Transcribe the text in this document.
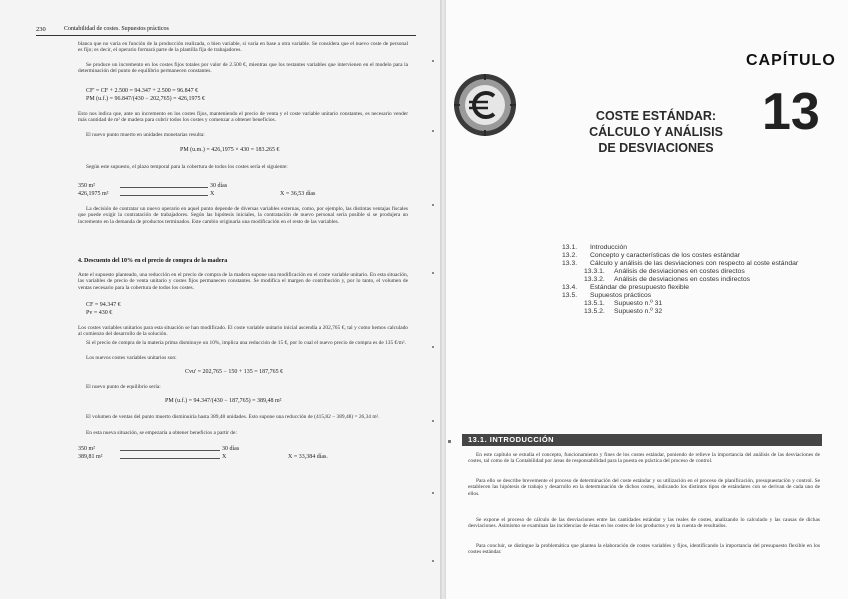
230	Contabilidad de costes. Supuestos prácticos

blanca que no varía en función de la producción realizada, o bien variable, si varía en base a otra variable. Se considera que el nuevo coste de personal es fijo; es decir, el operario formará parte de la plantilla fija de trabajadores.

Se produce un incremento en los costes fijos totales por valor de 2.500 €, mientras que los restantes variables que intervienen en el modelo para la determinación del punto de equilibrio permanecen constantes.

CF' = CF + 2.500 = 94.347 + 2.500 = 96.847 €
PM (u.f.) = 96.847/(430 − 202,765) = 426,1975 €

Esto nos indica que, ante un incremento en los costes fijos, manteniendo el precio de venta y el coste variable unitario constantes, es necesario vender más cantidad de m² de madera para cubrir todos los costes y comenzar a obtener beneficios.

El nuevo punto muerto en unidades monetarias resulta:

PM (u.m.) = 426,1975 × 430 = 183.265 €

Según este supuesto, el plazo temporal para la cobertura de todos los costes sería el siguiente:

350 m²	30 días
426,1975 m²	X	X = 36,53 días

La decisión de contratar un nuevo operario en aquel punto depende de diversas variables externas, como, por ejemplo, las distintas ventajas fiscales que puede exigir la contratación de trabajadores. Según las hipótesis iniciales, la contratación de nuevo personal sería posible si se produjera un incremento en la demanda de productos terminados. Este cambio originaría una modificación en el resto de las variables.

4. Descuento del 10% en el precio de compra de la madera

Ante el supuesto planteado, una reducción en el precio de compra de la madera supone una modificación en el coste variable unitario. En esta situación, las variables de precio de venta unitario y costes fijos permanecen constantes. Se modifica el margen de contribución y, por lo tanto, el volumen de ventas necesario para la cobertura de todos los costes.

CF = 94.347 €
Pv = 430 €

Los costes variables unitarios para esta situación se han modificado. El coste variable unitario inicial ascendía a 202,765 €, tal y como hemos calculado al comienzo del desarrollo de la solución.

Si el precio de compra de la materia prima disminuye un 10%, implica una reducción de 15 €, por lo cual el nuevo precio de compra es de 135 €/m².

Los nuevos costes variables unitarios son:

Cvu' = 202,765 − 150 + 135 = 187,765 €

El nuevo punto de equilibrio sería:

PM (u.f.) = 94.347/(430 − 187,765) = 389,48 m²

El volumen de ventas del punto muerto disminuiría hasta 389,48 unidades. Esto supone una reducción de (415,82 − 389,48) = 26,34 m².

En esta nueva situación, se empezaría a obtener beneficios a partir de:

350 m²	30 días
389,81 m²	X	X = 33,384 días.
CAPÍTULO
13
COSTE ESTÁNDAR:
CÁLCULO Y ANÁLISIS
DE DESVIACIONES
13.1. Introducción
13.2. Concepto y características de los costes estándar
13.3. Cálculo y análisis de las desviaciones con respecto al coste estándar
13.3.1. Análisis de desviaciones en costes directos
13.3.2. Análisis de desviaciones en costes indirectos
13.4. Estándar de presupuesto flexible
13.5. Supuestos prácticos
13.5.1. Supuesto n.º 31
13.5.2. Supuesto n.º 32

En este capítulo se estudia el concepto, funcionamiento y fines de los costes estándar, poniendo de relieve la importancia del análisis de las desviaciones de costes, tal como de la Contabilidad por áreas de responsabilidad para la puesta en práctica del proceso de control.

Para ello se describe brevemente el proceso de determinación del coste estándar y su utilización en el proceso de planificación, presupuestación y control. Se establecen las hipótesis de trabajo y desarrollo en la determinación de dichos costes, indicando los distintos tipos de estándares con se derivan de cada uno de ellos.

Se expone el proceso de cálculo de las desviaciones entre las cantidades estándar y las reales de costes, analizando lo calculado y las causas de dichas desviaciones. Asimismo se examinan las incidencias de éstas en los costes de los productos y en la cuenta de resultados.

Para concluir, se distingue la problemática que plantea la elaboración de costes variables y fijos, identificando la importancia del presupuesto flexible en los costes estándar.

13.1. INTRODUCCIÓN
